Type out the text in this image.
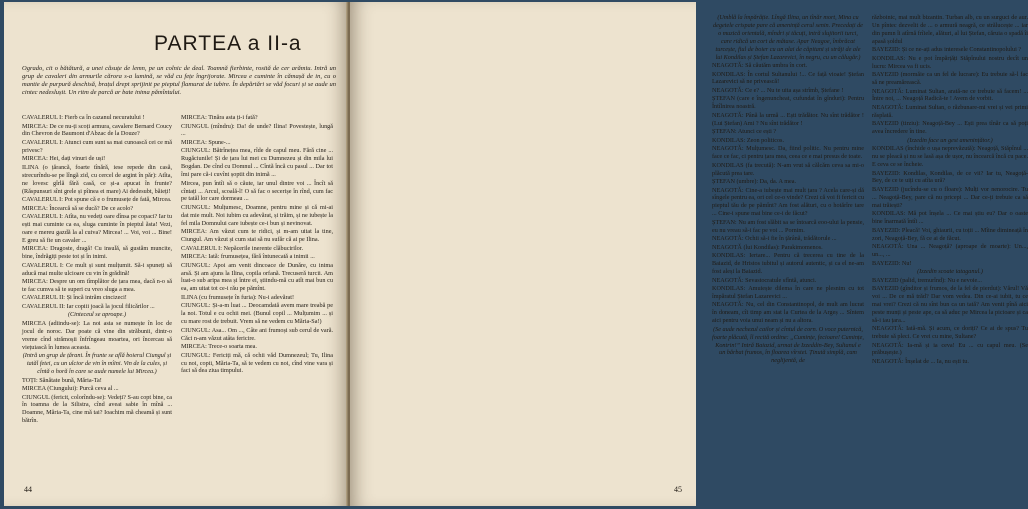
PARTEA a II-a

Ogrado, cit o bătătură, a unei căsuțe de lemn, pe un colnic de deal. Toamnă fierbinte, rosită de cer arămiu. Intră un grup de cavaleri din armurile cărora s-a lumină, se văd cu fețe îngrijorate. Mircea e cuminte în cămașă de in, cu o mantie de purpură deschisă, brațul drept sprijinit pe pieptul flamurat de iubire. În depărtări se văd focuri și se aude un cintec nedeslușit. Un ritm de parcă ar bate inima pămîntului.

CAVALERUL I: Fierb ca în cazanul necuratului !

MIRCEA: De ce nu-ți scoți armura, cavalere Bernard Coucy din Chevron de Baumont d'Abzac de la Douze?

CAVALERUL I: Atunci cum sunt sa mai cunoască cei ce mă privesc?

MIRCEA: Hei, dați vinuri de uși!

ILINA (o țărancă, foarte tînără, iese repede din casă, strecurîndu-se pe lîngă zid, cu cercel de argint în păr): Atîta, ne lovesc gîrlă fără casă, ce și-a apucat în frunte? (Răspunsuri sînt grele și pîinea ei mare) Ai dedesubt, băieți!

CAVALERUL I: Pot spune că e o frumusețe de fată, Mircea.

MIRCEA: Încearcă să se ducă? De ce acolo?

CAVALERUL I: Atîta, nu vedeți oare dînsa pe copaci? Iar tu ești mai cuminte ca ea, sluga cuminte în pieptul ăsta! Vezi, oare e mereu gazdă la al cuiva? Mircea! ... Voi, voi ... Bine! E greu să fie un cavaler ...

MIRCEA: Dragoste, dragă! Cu insulă, să gustăm muncite, bine, îndrăgiți peste tot și în inimi.

CAVALERUL I: Ce mult și sunt mulțumit. Să-i spuneți să aducă mai multe ulcioare cu vin în grădină!

MIRCEA: Despre un om tîmplător de țara mea, dacă n-o să te fac cumva să te superi cu vreo sluga a mea.

CAVALERUL II: Și încă intrăm cincizeci!

CAVALERUL II: Iar copiii joacă la jocul filicărilor ...

(Cinteceul se aproape.)

MIRCEA (adiindu-se): La noi asta se numește în loc de jocul de noroc. Dar poate că vine din străbunii, dintr-o vreme cînd strămoșii înfrîngeau moartea, ori încercau să viețuiască în lumea aceasta.

(Intră un grup de țărani. În frunte se află boierul Ciungul și tatăl fetei, cu un ulcior de vin în mîini. Vin de la cules, și cîntă o horă în care se aude numele lui Mircea.)

TOȚI: Sănătate bună, Măria-Ta!

MIRCEA (Ciungului): Purcă ceva al ...

CIUNGUL (fericit, colorîndu-se): Vedeți? S-au copt bine, ca în toamna de la Silistra, cînd aveai sabie în mînă ... Doamne, Măria-Ta, cine mă tai? Ioachim mă cheamă și sunt bătrîn.

MIRCEA: Tinăra asta ți-i fată?

CIUNGUL (mîndru): Da! de unde? Ilina! Povestește, lungă ...

MIRCEA: Spune-...

CIUNGUL: Bătrînețea mea, rîde de capul meu. Fără cine ... Rugăciunile! Și de țara lui mei cu Dumnezeu și din mila lui Bogdan. De cînd cu Domnul ... Cîntă încă cu pasul ... Dar tot îmi pare că-i cuvînt șoptit din inimă ...

Mircea, pun întîi să o căute, iar unul dintre voi ... Încît să cîntați ... Arcul, scoală-l! O să fac o secerișe în rînd, cum fac pe tatăl lor care dormeau ...

CIUNGUL: Mulțumesc, Doamne, pentru mine și că mi-ai dat mie mult. Noi iubim cu adevărat, și trăim, și ne iubește la fel mila Domnului care iubește ce-i bun și nevinovat.

MIRCEA: Am văzut cum te ridici, și m-am uitat la tine, Ciungul. Am văzut și cum stai să nu sufăr că ai pe Ilina.

CAVALERUL I: Nepăcerile inerente clăbucirilor.

MIRCEA: Iată: frumusețea, fără întunecată a inimii ...

CIUNGUL: Apoi am venit dincoace de Dunăre, cu inima arsă. Și am ajuns la Ilina, copila orfană. Trecuseră turcii. Am luat-o sub aripa mea și între ei, știindu-mă cu atît mai bun cu ea, am uitat tot ce-i rău pe pămînt.

ILINA (cu frumusețe în furia): Nu-i adevărat!

CIUNGUL: Și-a-m luat ... Deocamdată avem mare treabă pe la noi. Totul e cu ochii mei. (Bunul copil ... Mulțumim ... și cu mare rost de trebuit. Vrem să ne vedem cu Măria-Sa!)

CIUNGUL: Asa... Om ..., Câte ani frumoși sub cerul de vară. Căci n-am văzut atâta fericire.

MIRCEA: Trece-o soarta mea.

CIUNGUL: Fericiți mă, că ochii văd Dumnezeul; Tu, Ilina cu noi, copii, Măria-Ta, să te vedem cu noi, cînd vine vara și faci să dea ziua timpului.

44

(Umblă la împărăție. Lîngă Ilina, un tînăr mort, Mina cu degetele crispate pare că amenință cerul senin. Precedați de o muzică orientală, mîndri și tăcuți, intră slujitorii turci, care ridică un cort de mătase. Apar Neagoe, îmbrăcat turcește, fiul de boier cu un alai de căpitani și străji de ale lui Kondilas și Ștefan Lazarevici, în negru, cu un călugăr.)

NEAGOTĂ: Să căutăm umbra în cort.

KONDILAS: În cortul Sultanului !... Ce față vioaie! Ștefan Lazarevici să ne privească!

NEAGOTĂ: Ce e? ... Nu te uita așa strîmb, Ștefane !

ȘTEFAN (care e îngenuncheat, cufundat în gînduri): Pentru Întîlnirea noastră.

NEAGOTĂ: Până la urmă ... Ești trădător. Nu sînt trădător ! (Lui Ștefan) Ami ? Nu sînt trădător !

ȘTEFAN: Atunci ce ești ?

KONDILAS: Zeon politicos.

NEAGOTĂ: Mulțumesc. Da, fiind politic. Nu pentru mine face ce fac, ci pentru țara mea, ceea ce e mai presus de toate.

KONDILAS (fa trecută): N-am vrut să călcăm ceva sa mi-o plăcută prea tare.

ȘTEFAN (umbre): Da, da. A mea.

NEAGOTĂ: Cine-a iubește mai mult țara ? Acela care-și dă sîngele pentru ea, ori cel ce-o vinde? Crezi că voi fi fericit cu pieptul tău de pe pămînt? Am fost alături, cu o hotărîre tare ... Cine-i spune mai bine ce-i de făcut?

ȘTEFAN: Nu am fost slăbit sa se întoarcă eoo-ului la pensie, eu nu vreau să-i fac pe voi ... Pornim.

NEAGOTĂ: Ochii să-i fie în țărână, trădătorule ...

NEAGOTĂ (lui Kondilas): Parakimomenos.

KONDILAS: Iertare... Pentru că trecerea cu tine de la Baiazid, de Hristos iubitul și autorul autentic, și ca el ne-am fost aleși la Baiazid.

NEAGOTĂ: Sevastocratule sfîntă, atunci.

KONDILAS: Amuiește dilema în care ne plesnim cu tot împăratul Ștefan Lazarevici ...

NEAGOTĂ: Nu, cel din Constantinopol, de mult am lucrat în doneam, cît timp am stat la Curtea de la Argeș ... Sîntem aici pentru voia unui neam și nu a altora.

(Se aude nechezul cailor și cîntul de corn. O voce puternică, foarte plăcută, îl recită ordine: „Cumințe, fecioare! Cumințe, Kontrin!” Intră Baiazid, urmat de Izzeddin-Bey, Sultanul e un bărbat frumos, în floarea vîrstei. Ținută simplă, cam neglijentă, de

războinic, mai mult bizantin. Turban alb, cu un surguci de aur. Un pîntec dezvelit de ... o armură neagră, ce strălucește ... iar din pumn îi atîrnă frîiele, alături, al lui Ștefan, căruia o spadă îi apasă șoldul

BAYEZID: Și ce ne-ați adus interesele Constantinopolului ?

KONDILAS: Nu e pot împărțăți Stăpînului nostru decît un lucru: Mircea va fi ucis.

BAYEZID (mormăie ca un fel de lucrare): Eu trebuie să-l fac să ne preamărească.

NEAGOTĂ: Luminat Sultan, arată-ne ce trebuie să facem! ... Între noi, ... Neagoță Radică-te ! Avem de vorbit.

NEAGOTĂ: Luminat Sultan, o răzbunare-mi vrei și vei primi răsplată.

BAYEZID (tirziu): Neagoță-Bey ... Ești prea tînăr ca să poți avea încredere în tine.

(Izzedin face un gest amenințător.)

KONDILAS (închide o ușa neprevăzută): Neagoță, Stăpînul ... nu se pleacă și nu se lasă așa de ușor, nu încearcă încă cu pace. E ceva ce se încheie.

BAYEZID: Kondilas, Kondilas, de ce vii? Iar tu, Neagoță-Bey, de ce te uiți cu atîta ură?

BAYEZID (jucîndu-se cu o floare): Mulți vor nenorocire. Tu ... Neagoță-Bey, pare că nu pricepi ... Dar ce-ți trebuie ca să mai trăiești?

KONDILAS: Mă pot înșela ... Ce mai știu eu? Dar o oaste bine înarmată întîi ...

BAYEZID: Pleacă! Voi, ghiaurii, cu toții ... Mîine dimineață în zori, Neagoță-Bey, fă ce ai de făcut.

NEAGOTĂ: Una ... Neagoță? (aproape de moarte): Un..., un..., ...

BAYEZID: Nu!

(Izzedin scoate iataganul.)

BAYEZID (palid, tremurînd): Nu e nevoie...

BAYEZID (gînditor și frumos, de la fel de pierdut): Vărul! Vă voi ... De ce mă trăd? Dar vom vedea. Din ce-ai iubit, tu ce mai vrei? Crezi că nu sînt bun ca un tată? Am venit pînă aici peste munți și peste ape, ca să aduc pe Mircea la picioare și ca să-i iau țara...

NEAGOTĂ: Iată-mă. Și acum, ce doriți? Ce ai de spus? Tu trebuie să pleci. Ce vrei cu mine, Sultane?

NEAGOTĂ: Ia-mă și ia ceva! Eu ... cu capul meu. (Se prăbușește.)

NEAGOTĂ: Înșelat de ... Ia, nu ești tu.

45
